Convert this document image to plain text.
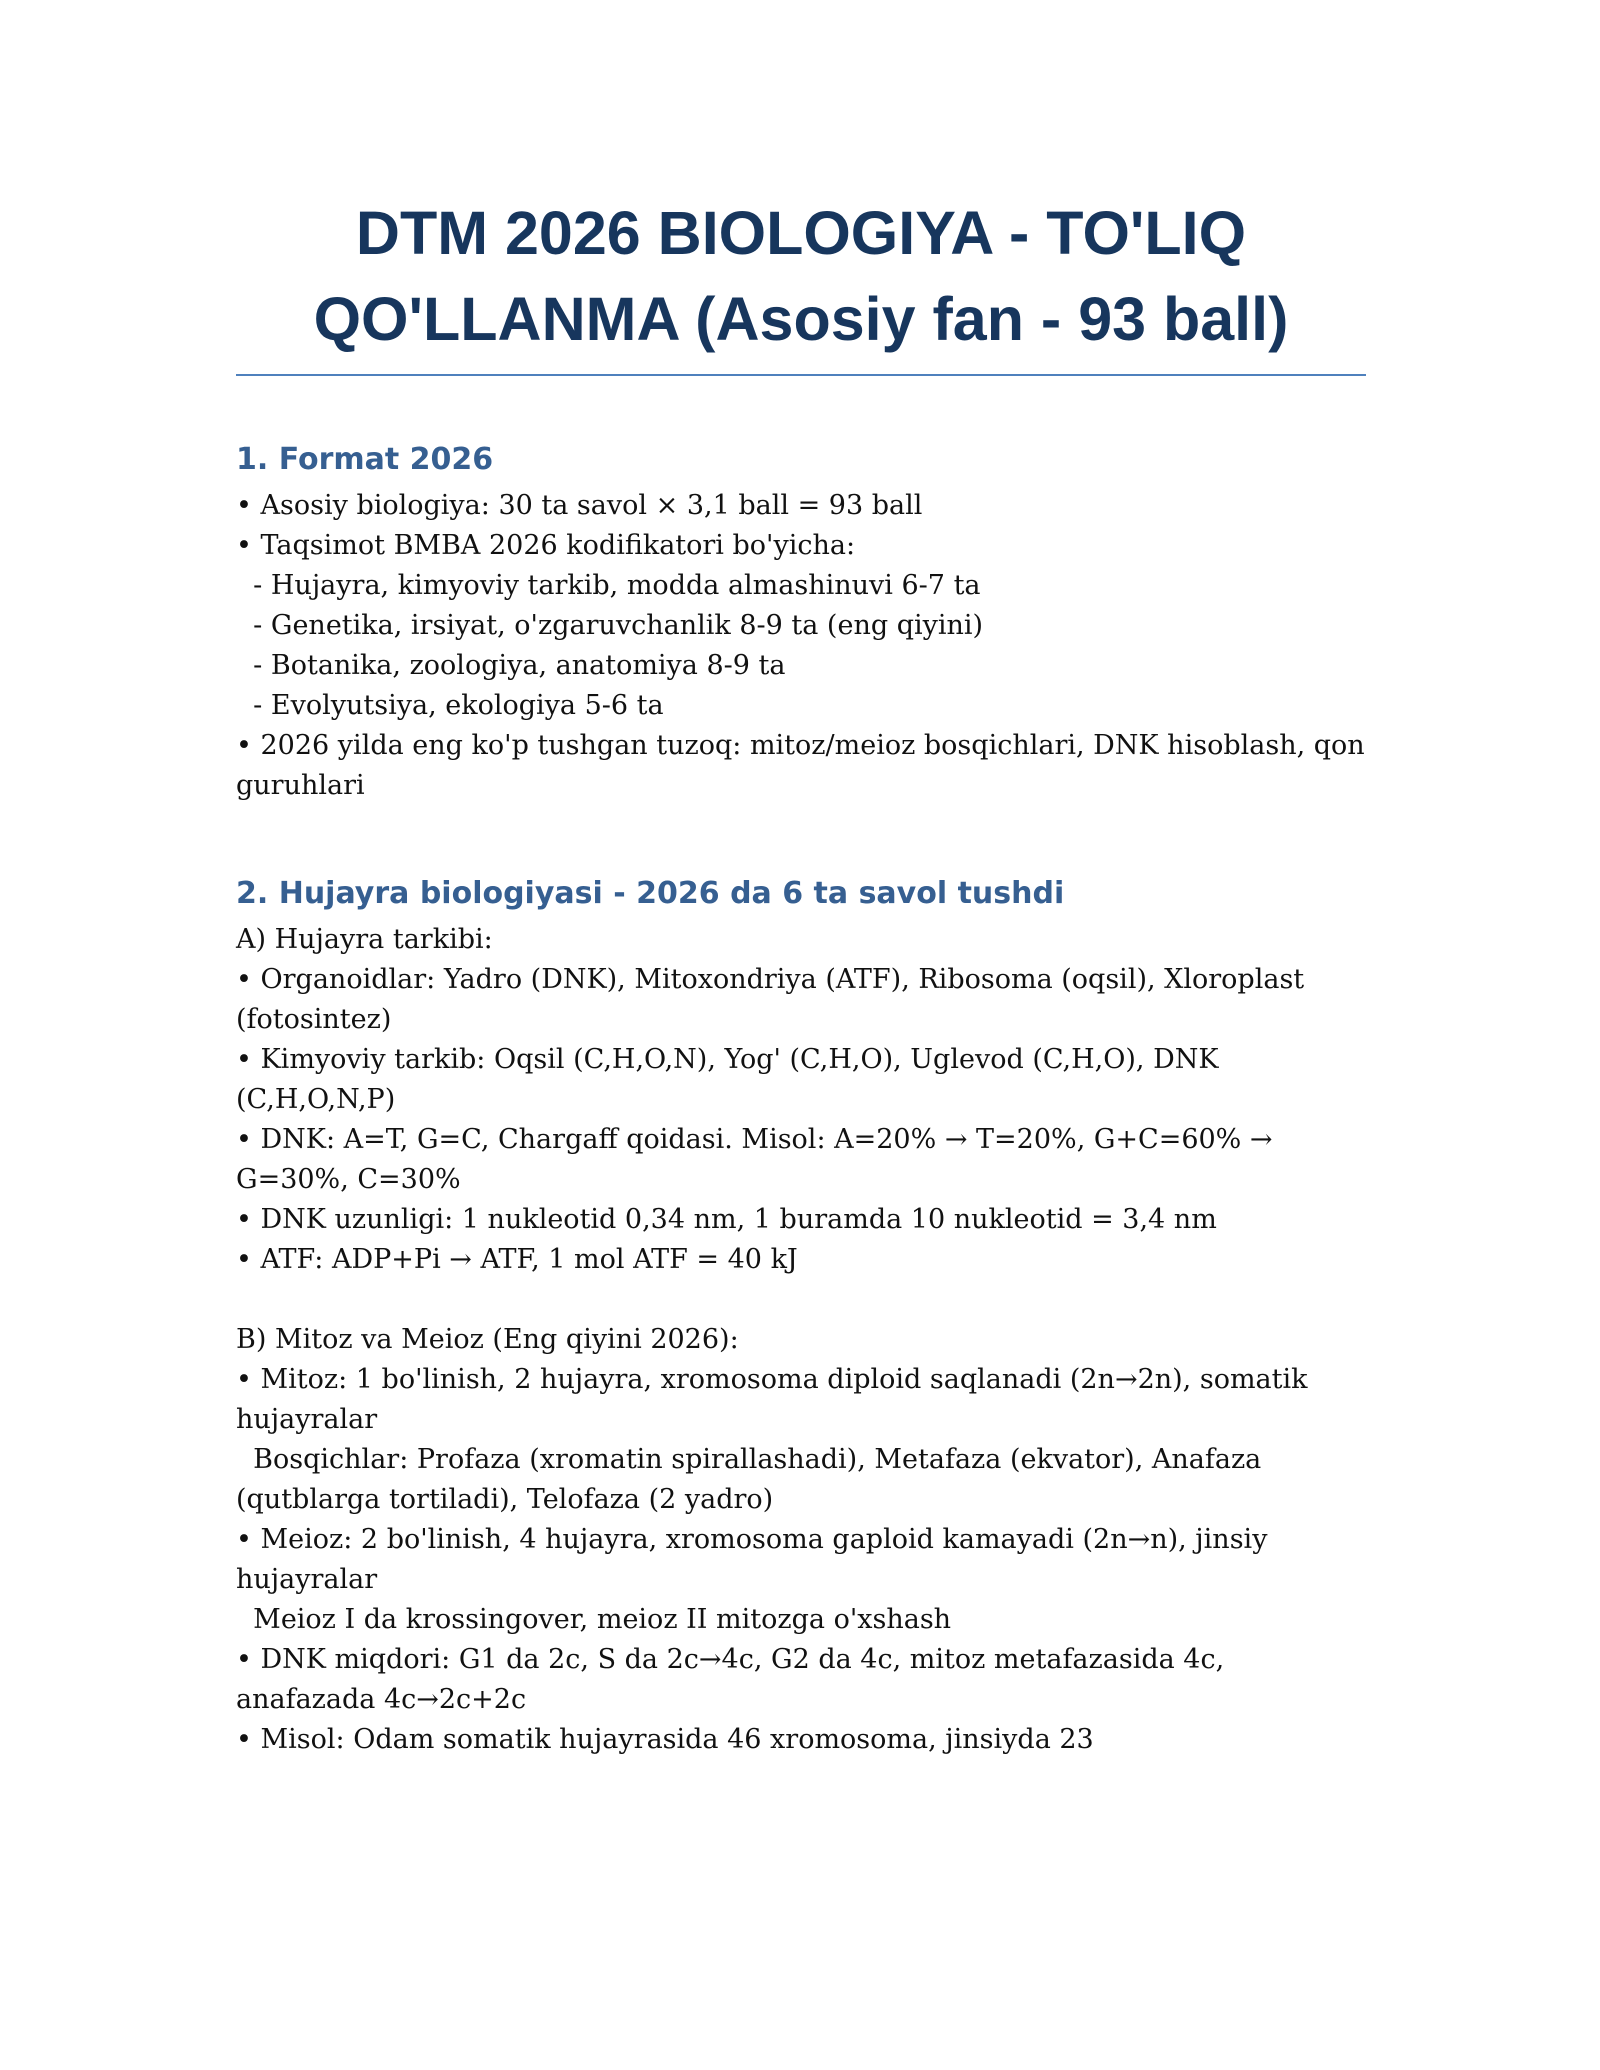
DTM 2026 BIOLOGIYA - TO'LIQ QO'LLANMA (Asosiy fan - 93 ball)
1. Format 2026

• Asosiy biologiya: 30 ta savol × 3,1 ball = 93 ball

• Taqsimot BMBA 2026 kodifikatori bo'yicha:

- Hujayra, kimyoviy tarkib, modda almashinuvi 6-7 ta

- Genetika, irsiyat, o'zgaruvchanlik 8-9 ta (eng qiyini)

- Botanika, zoologiya, anatomiya 8-9 ta

- Evolyutsiya, ekologiya 5-6 ta

• 2026 yilda eng ko'p tushgan tuzoq: mitoz/meioz bosqichlari, DNK hisoblash, qon guruhlari

2. Hujayra biologiyasi - 2026 da 6 ta savol tushdi

A) Hujayra tarkibi:

• Organoidlar: Yadro (DNK), Mitoxondriya (ATF), Ribosoma (oqsil), Xloroplast (fotosintez)

• Kimyoviy tarkib: Oqsil (C,H,O,N), Yog' (C,H,O), Uglevod (C,H,O), DNK (C,H,O,N,P)

• DNK: A=T, G=C, Chargaff qoidasi. Misol: A=20% → T=20%, G+C=60% → G=30%, C=30%

• DNK uzunligi: 1 nukleotid 0,34 nm, 1 buramda 10 nukleotid = 3,4 nm

• ATF: ADP+Pi → ATF, 1 mol ATF = 40 kJ

B) Mitoz va Meioz (Eng qiyini 2026):

• Mitoz: 1 bo'linish, 2 hujayra, xromosoma diploid saqlanadi (2n→2n), somatik hujayralar

Bosqichlar: Profaza (xromatin spirallashadi), Metafaza (ekvator), Anafaza (qutblarga tortiladi), Telofaza (2 yadro)

• Meioz: 2 bo'linish, 4 hujayra, xromosoma gaploid kamayadi (2n→n), jinsiy hujayralar

Meioz I da krossingover, meioz II mitozga o'xshash

• DNK miqdori: G1 da 2c, S da 2c→4c, G2 da 4c, mitoz metafazasida 4c, anafazada 4c→2c+2c

• Misol: Odam somatik hujayrasida 46 xromosoma, jinsiyda 23
